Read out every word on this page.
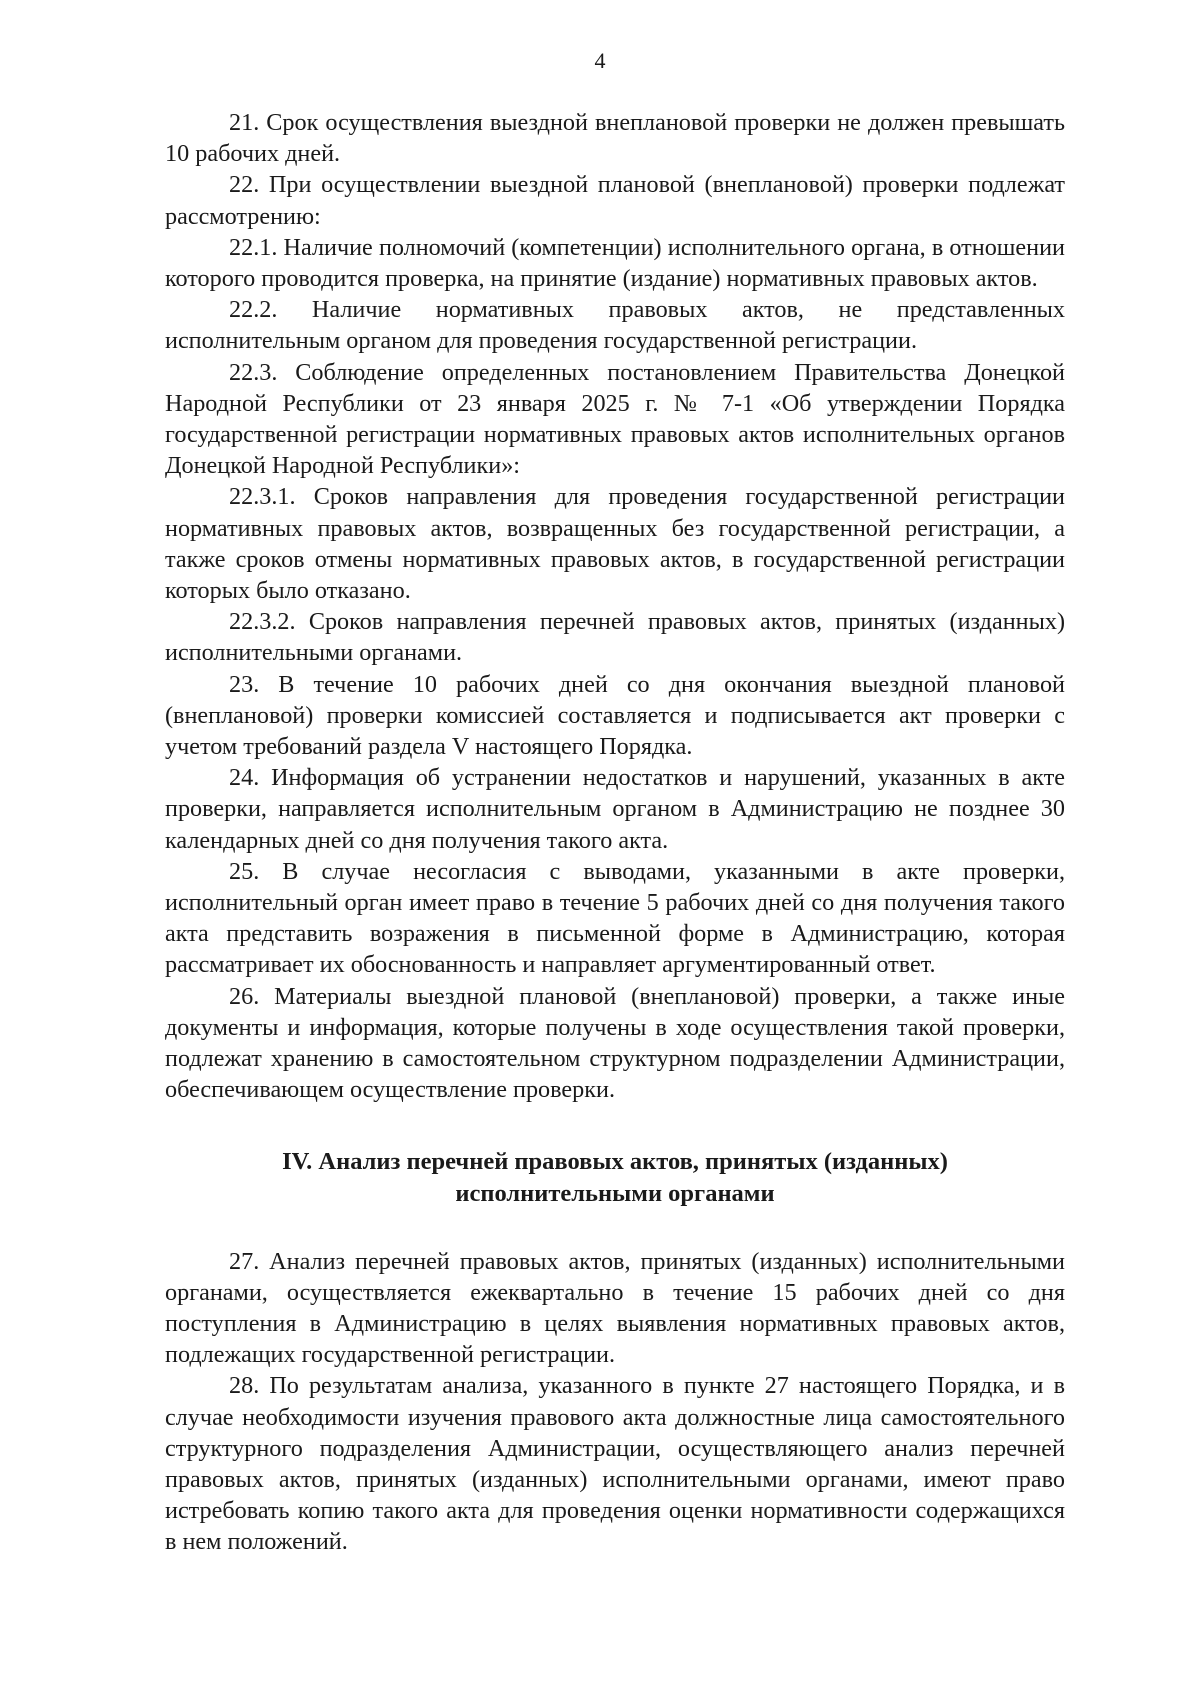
4

21. Срок осуществления выездной внеплановой проверки не должен превышать 10 рабочих дней.

22. При осуществлении выездной плановой (внеплановой) проверки подлежат рассмотрению:

22.1. Наличие полномочий (компетенции) исполнительного органа, в отношении которого проводится проверка, на принятие (издание) нормативных правовых актов.

22.2. Наличие нормативных правовых актов, не представленных исполнительным органом для проведения государственной регистрации.

22.3. Соблюдение определенных постановлением Правительства Донецкой Народной Республики от 23 января 2025 г. № 7-1 «Об утверждении Порядка государственной регистрации нормативных правовых актов исполнительных органов Донецкой Народной Республики»:

22.3.1. Сроков направления для проведения государственной регистрации нормативных правовых актов, возвращенных без государственной регистрации, а также сроков отмены нормативных правовых актов, в государственной регистрации которых было отказано.

22.3.2. Сроков направления перечней правовых актов, принятых (изданных) исполнительными органами.

23. В течение 10 рабочих дней со дня окончания выездной плановой (внеплановой) проверки комиссией составляется и подписывается акт проверки с учетом требований раздела V настоящего Порядка.

24. Информация об устранении недостатков и нарушений, указанных в акте проверки, направляется исполнительным органом в Администрацию не позднее 30 календарных дней со дня получения такого акта.

25. В случае несогласия с выводами, указанными в акте проверки, исполнительный орган имеет право в течение 5 рабочих дней со дня получения такого акта представить возражения в письменной форме в Администрацию, которая рассматривает их обоснованность и направляет аргументированный ответ.

26. Материалы выездной плановой (внеплановой) проверки, а также иные документы и информация, которые получены в ходе осуществления такой проверки, подлежат хранению в самостоятельном структурном подразделении Администрации, обеспечивающем осуществление проверки.

IV. Анализ перечней правовых актов, принятых (изданных)
исполнительными органами

27. Анализ перечней правовых актов, принятых (изданных) исполнительными органами, осуществляется ежеквартально в течение 15 рабочих дней со дня поступления в Администрацию в целях выявления нормативных правовых актов, подлежащих государственной регистрации.

28. По результатам анализа, указанного в пункте 27 настоящего Порядка, и в случае необходимости изучения правового акта должностные лица самостоятельного структурного подразделения Администрации, осуществляющего анализ перечней правовых актов, принятых (изданных) исполнительными органами, имеют право истребовать копию такого акта для проведения оценки нормативности содержащихся в нем положений.
